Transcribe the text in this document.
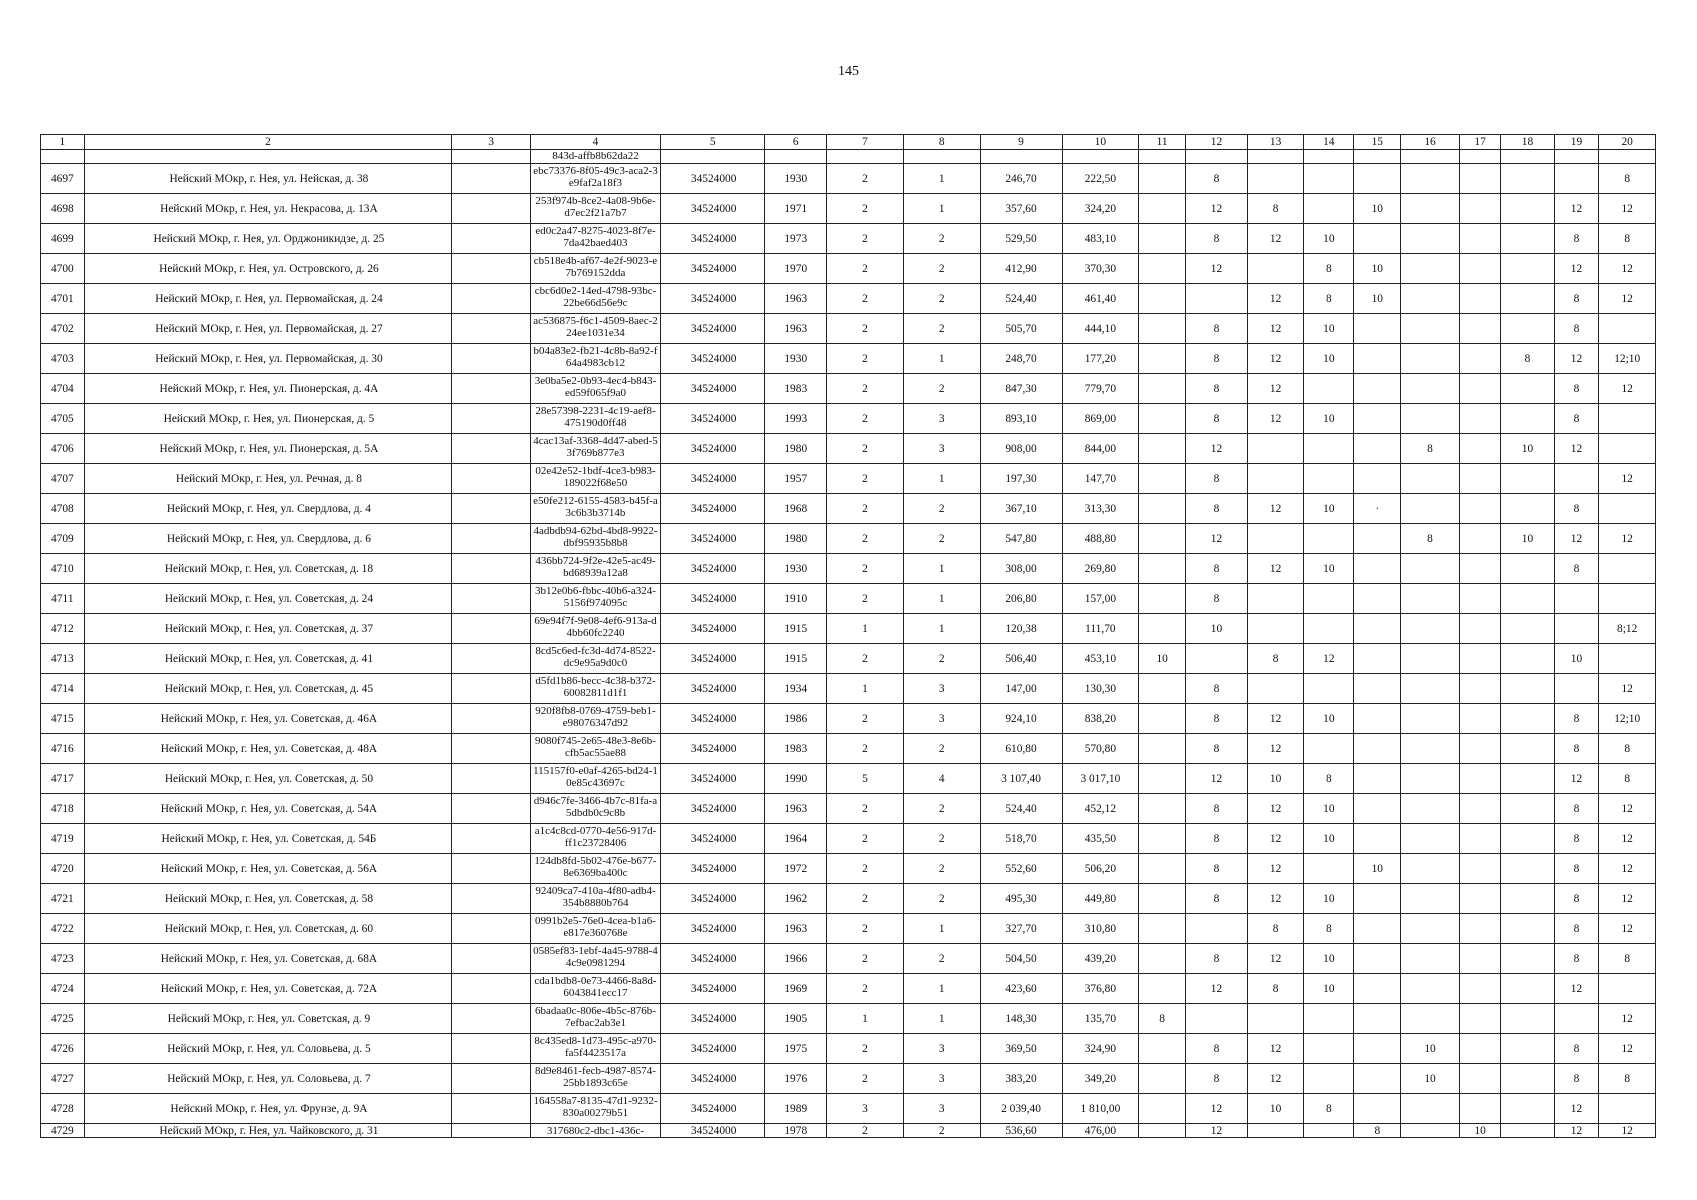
145
1	2	3	4	5	6	7	8	9	10	11	12	13	14	15	16	17	18	19	20
			843d-affb8b62da22																
4697	Нейский МОкр, г. Нея, ул. Нейская, д. 38		ebc73376-8f05-49c3-aca2-3e9faf2a18f3	34524000	1930	2	1	246,70	222,50		8								8
4698	Нейский МОкр, г. Нея, ул. Некрасова, д. 13А		253f974b-8ce2-4a08-9b6e-d7ec2f21a7b7	34524000	1971	2	1	357,60	324,20		12	8		10				12	12
4699	Нейский МОкр, г. Нея, ул. Орджоникидзе, д. 25		ed0c2a47-8275-4023-8f7e-7da42baed403	34524000	1973	2	2	529,50	483,10		8	12	10					8	8
4700	Нейский МОкр, г. Нея, ул. Островского, д. 26		cb518e4b-af67-4e2f-9023-e7b769152dda	34524000	1970	2	2	412,90	370,30		12		8	10				12	12
4701	Нейский МОкр, г. Нея, ул. Первомайская, д. 24		cbc6d0e2-14ed-4798-93bc-22be66d56e9c	34524000	1963	2	2	524,40	461,40			12	8	10				8	12
4702	Нейский МОкр, г. Нея, ул. Первомайская, д. 27		ac536875-f6c1-4509-8aec-224ee1031e34	34524000	1963	2	2	505,70	444,10		8	12	10					8	
4703	Нейский МОкр, г. Нея, ул. Первомайская, д. 30		b04a83e2-fb21-4c8b-8a92-f64a4983cb12	34524000	1930	2	1	248,70	177,20		8	12	10				8	12	12;10
4704	Нейский МОкр, г. Нея, ул. Пионерская, д. 4А		3e0ba5e2-0b93-4ec4-b843-ed59f065f9a0	34524000	1983	2	2	847,30	779,70		8	12						8	12
4705	Нейский МОкр, г. Нея, ул. Пионерская, д. 5		28e57398-2231-4c19-aef8-475190d0ff48	34524000	1993	2	3	893,10	869,00		8	12	10					8	
4706	Нейский МОкр, г. Нея, ул. Пионерская, д. 5А		4cac13af-3368-4d47-abed-53f769b877e3	34524000	1980	2	3	908,00	844,00		12				8		10	12	
4707	Нейский МОкр, г. Нея, ул. Речная, д. 8		02e42e52-1bdf-4ce3-b983-189022f68e50	34524000	1957	2	1	197,30	147,70		8								12
4708	Нейский МОкр, г. Нея, ул. Свердлова, д. 4		e50fe212-6155-4583-b45f-a3c6b3b3714b	34524000	1968	2	2	367,10	313,30		8	12	10	·				8	
4709	Нейский МОкр, г. Нея, ул. Свердлова, д. 6		4adbdb94-62bd-4bd8-9922-dbf95935b8b8	34524000	1980	2	2	547,80	488,80		12				8		10	12	12
4710	Нейский МОкр, г. Нея, ул. Советская, д. 18		436bb724-9f2e-42e5-ac49-bd68939a12a8	34524000	1930	2	1	308,00	269,80		8	12	10					8	
4711	Нейский МОкр, г. Нея, ул. Советская, д. 24		3b12e0b6-fbbc-40b6-a324-5156f974095c	34524000	1910	2	1	206,80	157,00		8								
4712	Нейский МОкр, г. Нея, ул. Советская, д. 37		69e94f7f-9e08-4ef6-913a-d4bb60fc2240	34524000	1915	1	1	120,38	111,70		10								8;12
4713	Нейский МОкр, г. Нея, ул. Советская, д. 41		8cd5c6ed-fc3d-4d74-8522-dc9e95a9d0c0	34524000	1915	2	2	506,40	453,10	10		8	12					10	
4714	Нейский МОкр, г. Нея, ул. Советская, д. 45		d5fd1b86-becc-4c38-b372-60082811d1f1	34524000	1934	1	3	147,00	130,30		8								12
4715	Нейский МОкр, г. Нея, ул. Советская, д. 46А		920f8fb8-0769-4759-beb1-e98076347d92	34524000	1986	2	3	924,10	838,20		8	12	10					8	12;10
4716	Нейский МОкр, г. Нея, ул. Советская, д. 48А		9080f745-2e65-48e3-8e6b-cfb5ac55ae88	34524000	1983	2	2	610,80	570,80		8	12						8	8
4717	Нейский МОкр, г. Нея, ул. Советская, д. 50		115157f0-e0af-4265-bd24-10e85c43697c	34524000	1990	5	4	3 107,40	3 017,10		12	10	8					12	8
4718	Нейский МОкр, г. Нея, ул. Советская, д. 54А		d946c7fe-3466-4b7c-81fa-a5dbdb0c9c8b	34524000	1963	2	2	524,40	452,12		8	12	10					8	12
4719	Нейский МОкр, г. Нея, ул. Советская, д. 54Б		a1c4c8cd-0770-4e56-917d-ff1c23728406	34524000	1964	2	2	518,70	435,50		8	12	10					8	12
4720	Нейский МОкр, г. Нея, ул. Советская, д. 56А		124db8fd-5b02-476e-b677-8e6369ba400c	34524000	1972	2	2	552,60	506,20		8	12		10				8	12
4721	Нейский МОкр, г. Нея, ул. Советская, д. 58		92409ca7-410a-4f80-adb4-354b8880b764	34524000	1962	2	2	495,30	449,80		8	12	10					8	12
4722	Нейский МОкр, г. Нея, ул. Советская, д. 60		0991b2e5-76e0-4cea-b1a6-e817e360768e	34524000	1963	2	1	327,70	310,80			8	8					8	12
4723	Нейский МОкр, г. Нея, ул. Советская, д. 68А		0585ef83-1ebf-4a45-9788-44c9e0981294	34524000	1966	2	2	504,50	439,20		8	12	10					8	8
4724	Нейский МОкр, г. Нея, ул. Советская, д. 72А		cda1bdb8-0e73-4466-8a8d-6043841ecc17	34524000	1969	2	1	423,60	376,80		12	8	10					12	
4725	Нейский МОкр, г. Нея, ул. Советская, д. 9		6badaa0c-806e-4b5c-876b-7efbac2ab3e1	34524000	1905	1	1	148,30	135,70	8									12
4726	Нейский МОкр, г. Нея, ул. Соловьева, д. 5		8c435ed8-1d73-495c-a970-fa5f4423517a	34524000	1975	2	3	369,50	324,90		8	12			10			8	12
4727	Нейский МОкр, г. Нея, ул. Соловьева, д. 7		8d9e8461-fecb-4987-8574-25bb1893c65e	34524000	1976	2	3	383,20	349,20		8	12			10			8	8
4728	Нейский МОкр, г. Нея, ул. Фрунзе, д. 9А		164558a7-8135-47d1-9232-830a00279b51	34524000	1989	3	3	2 039,40	1 810,00		12	10	8					12	
4729	Нейский МОкр, г. Нея, ул. Чайковского, д. 31		317680c2-dbc1-436c-	34524000	1978	2	2	536,60	476,00		12			8		10		12	12
